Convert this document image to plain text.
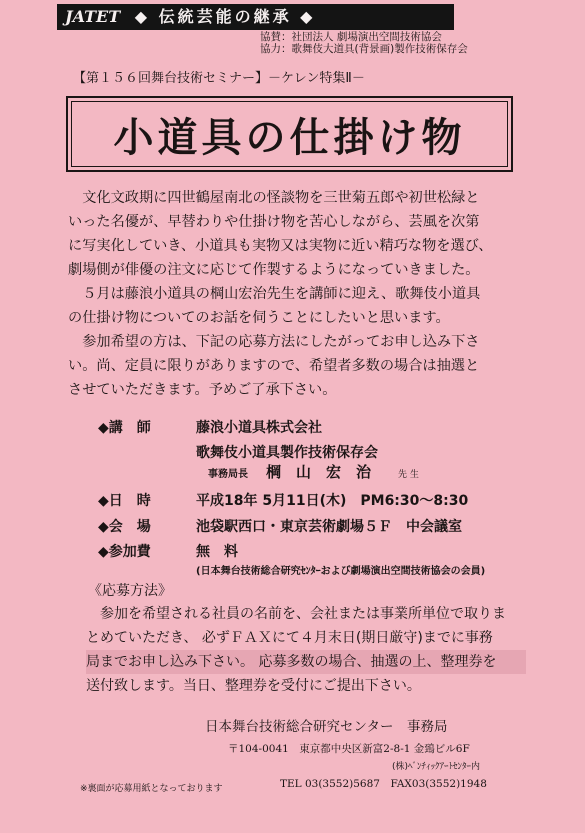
JATET ◆ 伝統芸能の継承 ◆
協賛：社団法人 劇場演出空間技術協会
協力：歌舞伎大道具(背景画)製作技術保存会
【第１５６回舞台技術セミナー】－ケレン特集Ⅱ－
小道具の仕掛け物

　文化文政期に四世鶴屋南北の怪談物を三世菊五郎や初世松緑と

いった名優が、早替わりや仕掛け物を苦心しながら、芸風を次第

に写実化していき、小道具も実物又は実物に近い精巧な物を選び、

劇場側が俳優の注文に応じて作製するようになっていきました。

　５月は藤浪小道具の棡山宏治先生を講師に迎え、歌舞伎小道具

の仕掛け物についてのお話を伺うことにしたいと思います。

　参加希望の方は、下記の応募方法にしたがってお申し込み下さ

い。尚、定員に限りがありますので、希望者多数の場合は抽選と

させていただきます。予めご了承下さい。

◆講　師	藤浪小道具株式会社
歌舞伎小道具製作技術保存会
事務局長 棡　山　宏　治	先 生
◆日　時	平成18年 5月11日(木)　PM6:30～8:30
◆会　場	池袋駅西口・東京芸術劇場５Ｆ　中会議室
◆参加費	無　料
(日本舞台技術総合研究ｾﾝﾀｰおよび劇場演出空間技術協会の会員)
《応募方法》
　参加を希望される社員の名前を、会社または事業所単位で取りま
とめていただき、 必ずＦＡＸにて４月末日(期日厳守)までに事務
局までお申し込み下さい。 応募多数の場合、抽選の上、整理券を
送付致します。当日、整理券を受付にご提出下さい。
日本舞台技術総合研究センター　事務局
〒104-0041　東京都中央区新富2-8-1 金鵄ビル6F
(株)ﾍﾞﾝﾁｨｯｸｱｰﾄｾﾝﾀｰ内
TEL 03(3552)5687　FAX03(3552)1948
※裏面が応募用紙となっております
